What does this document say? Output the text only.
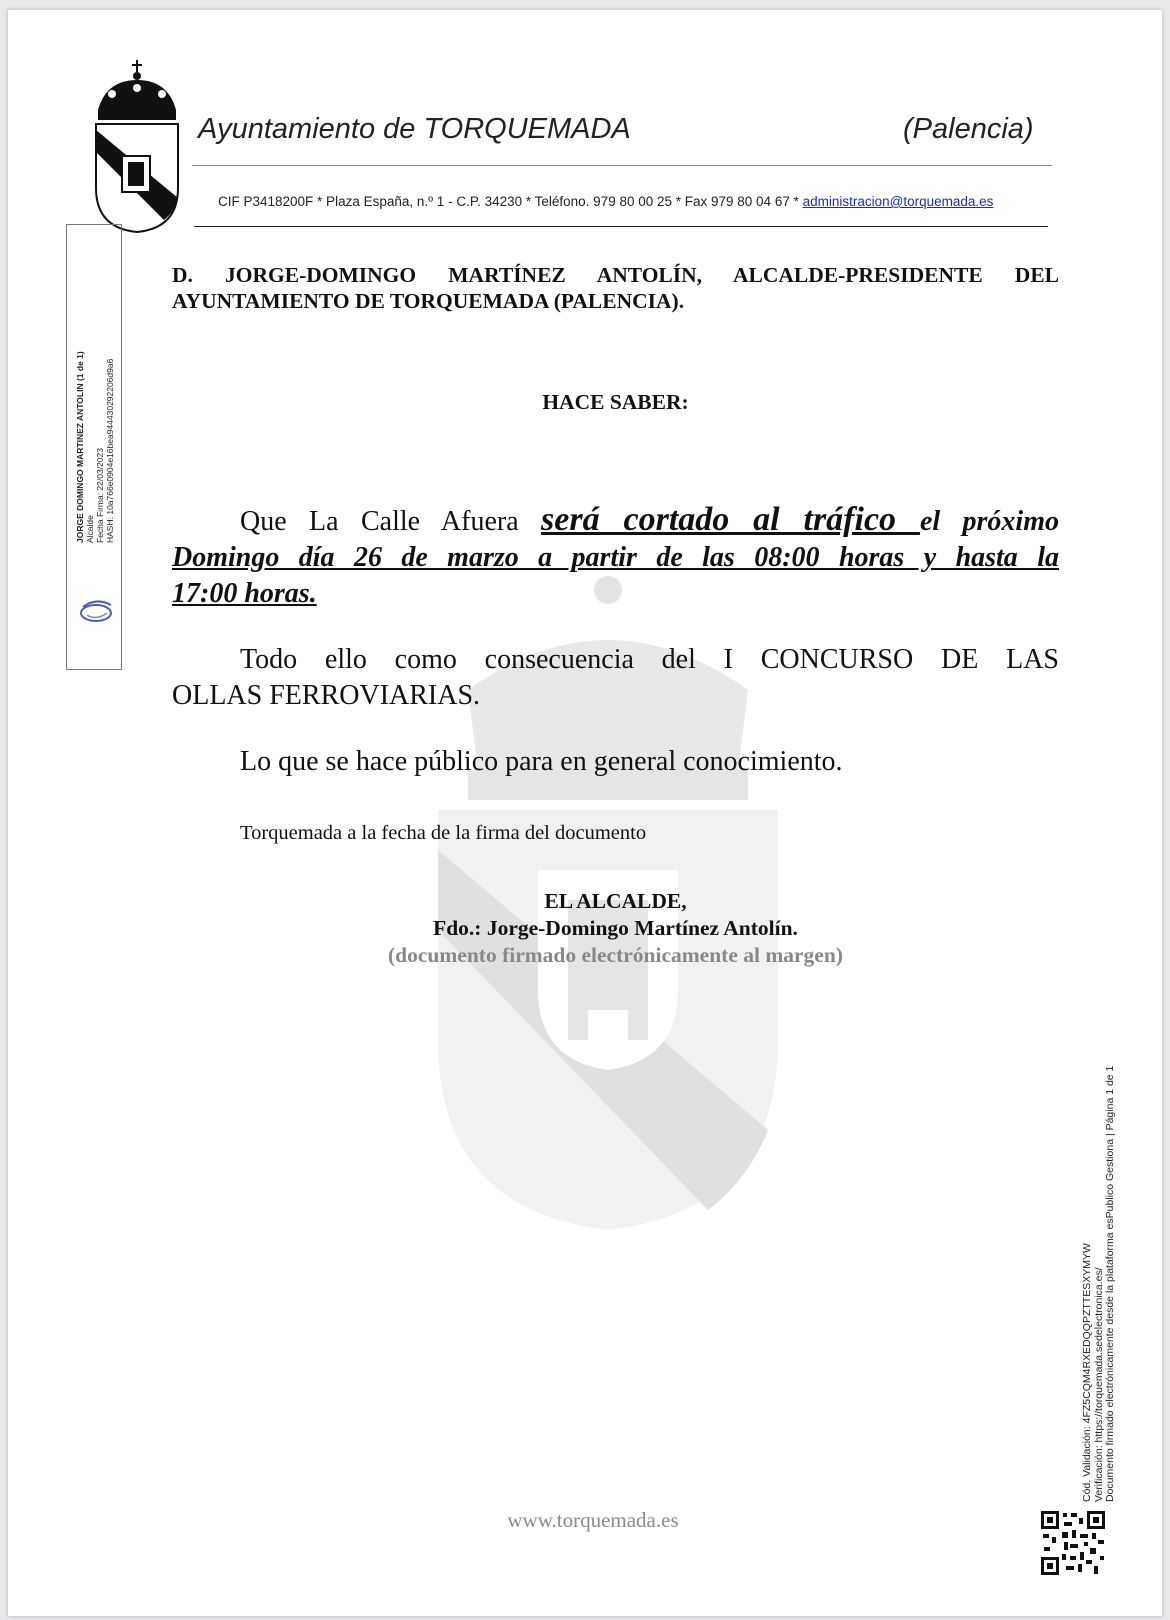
Ayuntamiento de TORQUEMADA	(Palencia)
CIF P3418200F * Plaza España, n.º 1 - C.P. 34230 * Teléfono. 979 80 00 25 * Fax 979 80 04 67 * administracion@torquemada.es
JORGE DOMINGO MARTINEZ ANTOLIN (1 de 1) Alcalde Fecha Firma: 22/03/2023 HASH: 10a766e0904e16bea944430292206d9a6
D. JORGE-DOMINGO MARTÍNEZ ANTOLÍN, ALCALDE-PRESIDENTE DEL
AYUNTAMIENTO DE TORQUEMADA (PALENCIA).
HACE SABER:
Que La Calle Afuera será cortado al tráfico el próximo
Domingo día 26 de marzo a partir de las 08:00 horas y hasta la
17:00 horas.
Todo ello como consecuencia del I CONCURSO DE LAS
OLLAS FERROVIARIAS.
Lo que se hace público para en general conocimiento.
Torquemada a la fecha de la firma del documento
EL ALCALDE,
Fdo.: Jorge-Domingo Martínez Antolín.
(documento firmado electrónicamente al margen)
Cód. Validación: 4FZ5CQM4RXEDQQPZTTESXYMYW Verificación: https://torquemada.sedelectronica.es/ Documento firmado electrónicamente desde la plataforma esPublico Gestiona | Página 1 de 1
www.torquemada.es
